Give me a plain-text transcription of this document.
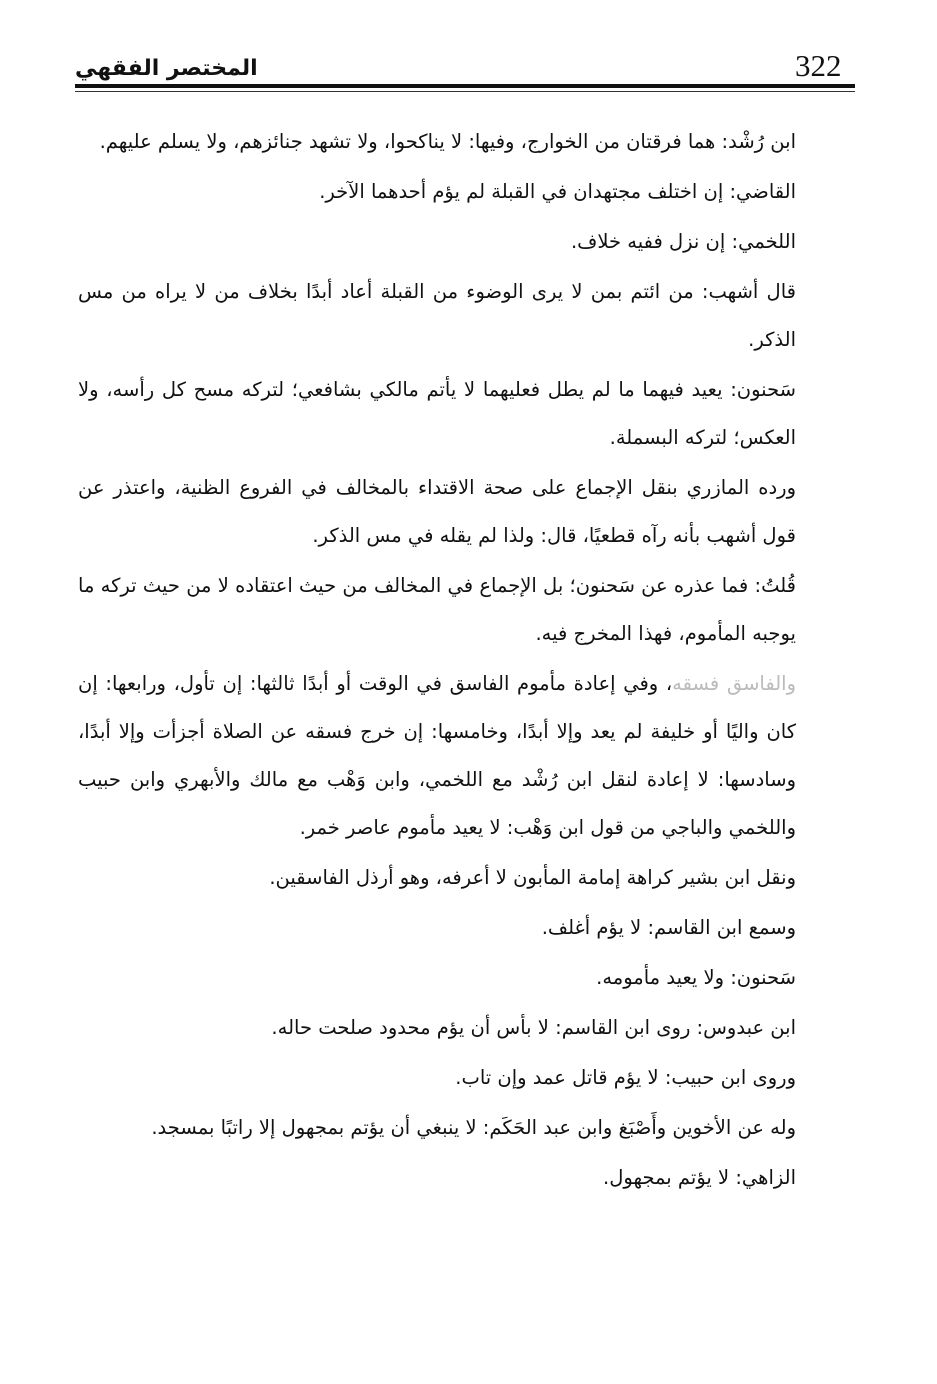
المختصر الفقهي	322

ابن رُشْد: هما فرقتان من الخوارج، وفيها: لا يناكحوا، ولا تشهد جنائزهم، ولا يسلم عليهم.

القاضي: إن اختلف مجتهدان في القبلة لم يؤم أحدهما الآخر.

اللخمي: إن نزل ففيه خلاف.

قال أشهب: من ائتم بمن لا يرى الوضوء من القبلة أعاد أبدًا بخلاف من لا يراه من مس الذكر.

سَحنون: يعيد فيهما ما لم يطل فعليهما لا يأتم مالكي بشافعي؛ لتركه مسح كل رأسه، ولا العكس؛ لتركه البسملة.

ورده المازري بنقل الإجماع على صحة الاقتداء بالمخالف في الفروع الظنية، واعتذر عن قول أشهب بأنه رآه قطعيًا، قال: ولذا لم يقله في مس الذكر.

قُلتُ: فما عذره عن سَحنون؛ بل الإجماع في المخالف من حيث اعتقاده لا من حيث تركه ما يوجبه المأموم، فهذا المخرج فيه.

والفاسق فسقه، وفي إعادة مأموم الفاسق في الوقت أو أبدًا ثالثها: إن تأول، ورابعها: إن كان واليًا أو خليفة لم يعد وإلا أبدًا، وخامسها: إن خرج فسقه عن الصلاة أجزأت وإلا أبدًا، وسادسها: لا إعادة لنقل ابن رُشْد مع اللخمي، وابن وَهْب مع مالك والأبهري وابن حبيب واللخمي والباجي من قول ابن وَهْب: لا يعيد مأموم عاصر خمر.

ونقل ابن بشير كراهة إمامة المأبون لا أعرفه، وهو أرذل الفاسقين.

وسمع ابن القاسم: لا يؤم أغلف.

سَحنون: ولا يعيد مأمومه.

ابن عبدوس: روى ابن القاسم: لا بأس أن يؤم محدود صلحت حاله.

وروى ابن حبيب: لا يؤم قاتل عمد وإن تاب.

وله عن الأخوين وأَصْبَغ وابن عبد الحَكَم: لا ينبغي أن يؤتم بمجهول إلا راتبًا بمسجد.

الزاهي: لا يؤتم بمجهول.
